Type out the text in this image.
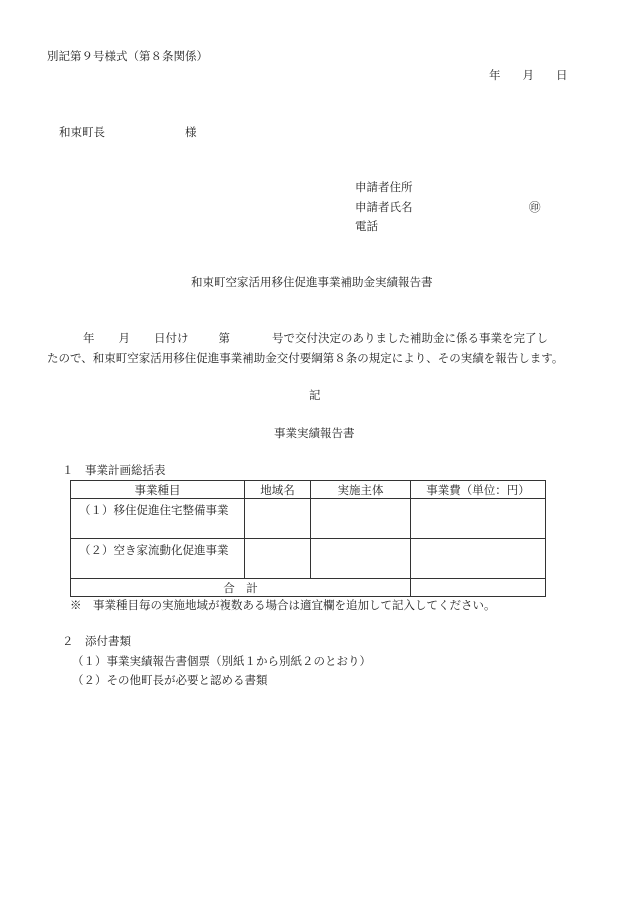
別記第９号様式（第８条関係）
年 月 日
和束町長	様
申請者住所
申請者氏名	㊞
電話
和束町空家活用移住促進事業補助金実績報告書
年 月 日付け	第	号で交付決定のありました補助金に係る事業を完了し
たので、和束町空家活用移住促進事業補助金交付要綱第８条の規定により、その実績を報告します。
記
事業実績報告書
１　事業計画総括表
事業種目	地域名	実施主体	事業費（単位：円）
（１）移住促進住宅整備事業			
（２）空き家流動化促進事業			
合　計			
※　事業種目毎の実施地域が複数ある場合は適宜欄を追加して記入してください。
２　添付書類
（１）事業実績報告書個票（別紙１から別紙２のとおり）
（２）その他町長が必要と認める書類
